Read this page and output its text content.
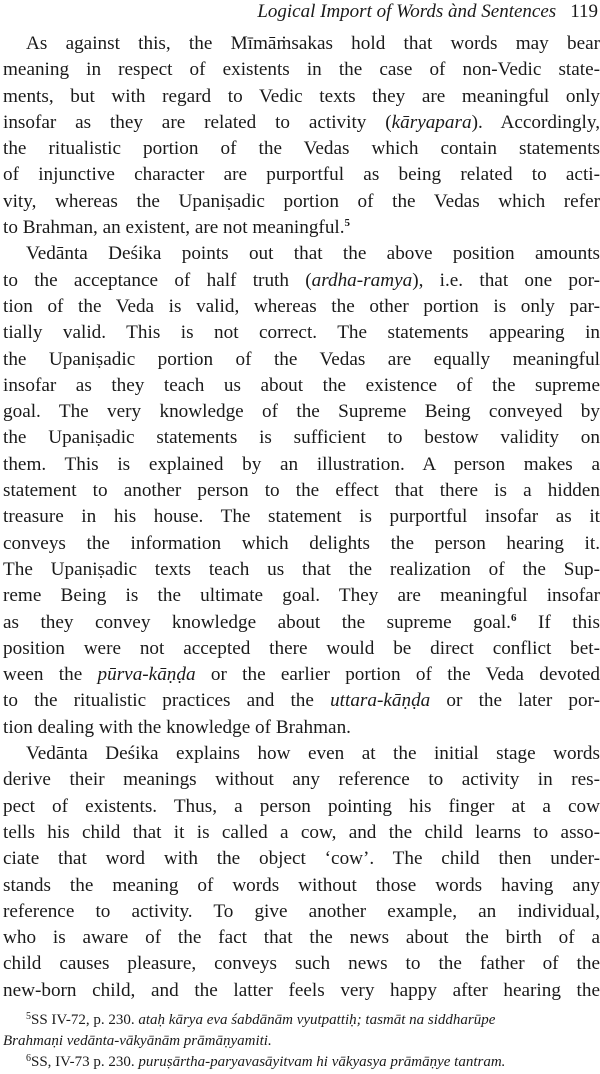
Logical Import of Words ànd Sentences 119
As against this, the Mīmāṁsakas hold that words may bear
meaning in respect of existents in the case of non-Vedic state-
ments, but with regard to Vedic texts they are meaningful only
insofar as they are related to activity (kāryapara). Accordingly,
the ritualistic portion of the Vedas which contain statements
of injunctive character are purportful as being related to acti-
vity, whereas the Upaniṣadic portion of the Vedas which refer
to Brahman, an existent, are not meaningful.$^5$
Vedānta Deśika points out that the above position amounts
to the acceptance of half truth (ardha-ramya), i.e. that one por-
tion of the Veda is valid, whereas the other portion is only par-
tially valid. This is not correct. The statements appearing in
the Upaniṣadic portion of the Vedas are equally meaningful
insofar as they teach us about the existence of the supreme
goal. The very knowledge of the Supreme Being conveyed by
the Upaniṣadic statements is sufficient to bestow validity on
them. This is explained by an illustration. A person makes a
statement to another person to the effect that there is a hidden
treasure in his house. The statement is purportful insofar as it
conveys the information which delights the person hearing it.
The Upaniṣadic texts teach us that the realization of the Sup-
reme Being is the ultimate goal. They are meaningful insofar
as they convey knowledge about the supreme goal.$^6$ If this
position were not accepted there would be direct conflict bet-
ween the pūrva-kāṇḍa or the earlier portion of the Veda devoted
to the ritualistic practices and the uttara-kāṇḍa or the later por-
tion dealing with the knowledge of Brahman.
Vedānta Deśika explains how even at the initial stage words
derive their meanings without any reference to activity in res-
pect of existents. Thus, a person pointing his finger at a cow
tells his child that it is called a cow, and the child learns to asso-
ciate that word with the object ‘cow’. The child then under-
stands the meaning of words without those words having any
reference to activity. To give another example, an individual,
who is aware of the fact that the news about the birth of a
child causes pleasure, conveys such news to the father of the
new-born child, and the latter feels very happy after hearing the
$^5$SS IV-72, p. 230. ataḥ kārya eva śabdānām vyutpattiḥ; tasmāt na siddharūpe
Brahmaṇi vedānta-vākyānām prāmāṇyamiti.
$^6$SS, IV-73 p. 230. puruṣārtha-paryavasāyitvam hi vākyasya prāmāṇye tantram.
